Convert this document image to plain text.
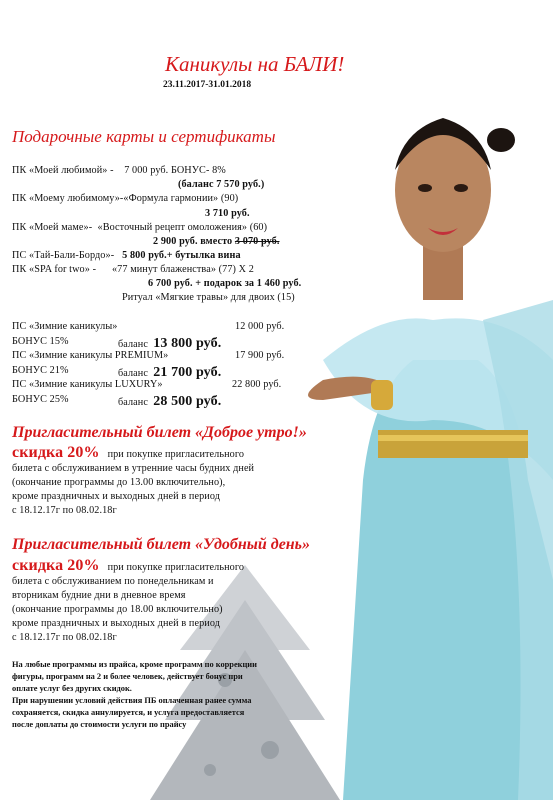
Каникулы на БАЛИ!
23.11.2017-31.01.2018
Подарочные карты и сертификаты
ПК «Моей любимой» - 7 000 руб. БОНУС- 8%
(баланс 7 570 руб.)
ПК «Моему любимому»-«Формула гармонии» (90)
3 710 руб.
ПК «Моей маме»- «Восточный рецепт омоложения» (60)
2 900 руб. вместо 3 070 руб.
ПС «Тай-Бали-Бордо»- 5 800 руб.+ бутылка вина
ПК «SPA for two» - «77 минут блаженства» (77) Х 2
6 700 руб. + подарок за 1 460 руб.
Ритуал «Мягкие травы» для двоих (15)
ПС «Зимние каникулы»	12 000 руб.
БОНУС 15%	баланс 13 800 руб.
ПС «Зимние каникулы PREMIUM»	17 900 руб.
БОНУС 21%	баланс 21 700 руб.
ПС «Зимние каникулы LUXURY»	22 800 руб.
БОНУС 25%	баланс 28 500 руб.
Пригласительный билет «Доброе утро!»
скидка 20% при покупке пригласительного
билета с обслуживанием в утренние часы будних дней
(окончание программы до 13.00 включительно),
кроме праздничных и выходных дней в период
с 18.12.17г по 08.02.18г
Пригласительный билет «Удобный день»
скидка 20% при покупке пригласительного
билета с обслуживанием по понедельникам и
вторникам будние дни в дневное время
(окончание программы до 18.00 включительно)
кроме праздничных и выходных дней в период
с 18.12.17г по 08.02.18г
На любые программы из прайса, кроме программ по коррекции
фигуры, программ на 2 и более человек, действует бонус при
оплате услуг без других скидок.
При нарушении условий действия ПБ оплаченная ранее сумма
сохраняется, скидка аннулируется, и услуга предоставляется
после доплаты до стоимости услуги по прайсу
